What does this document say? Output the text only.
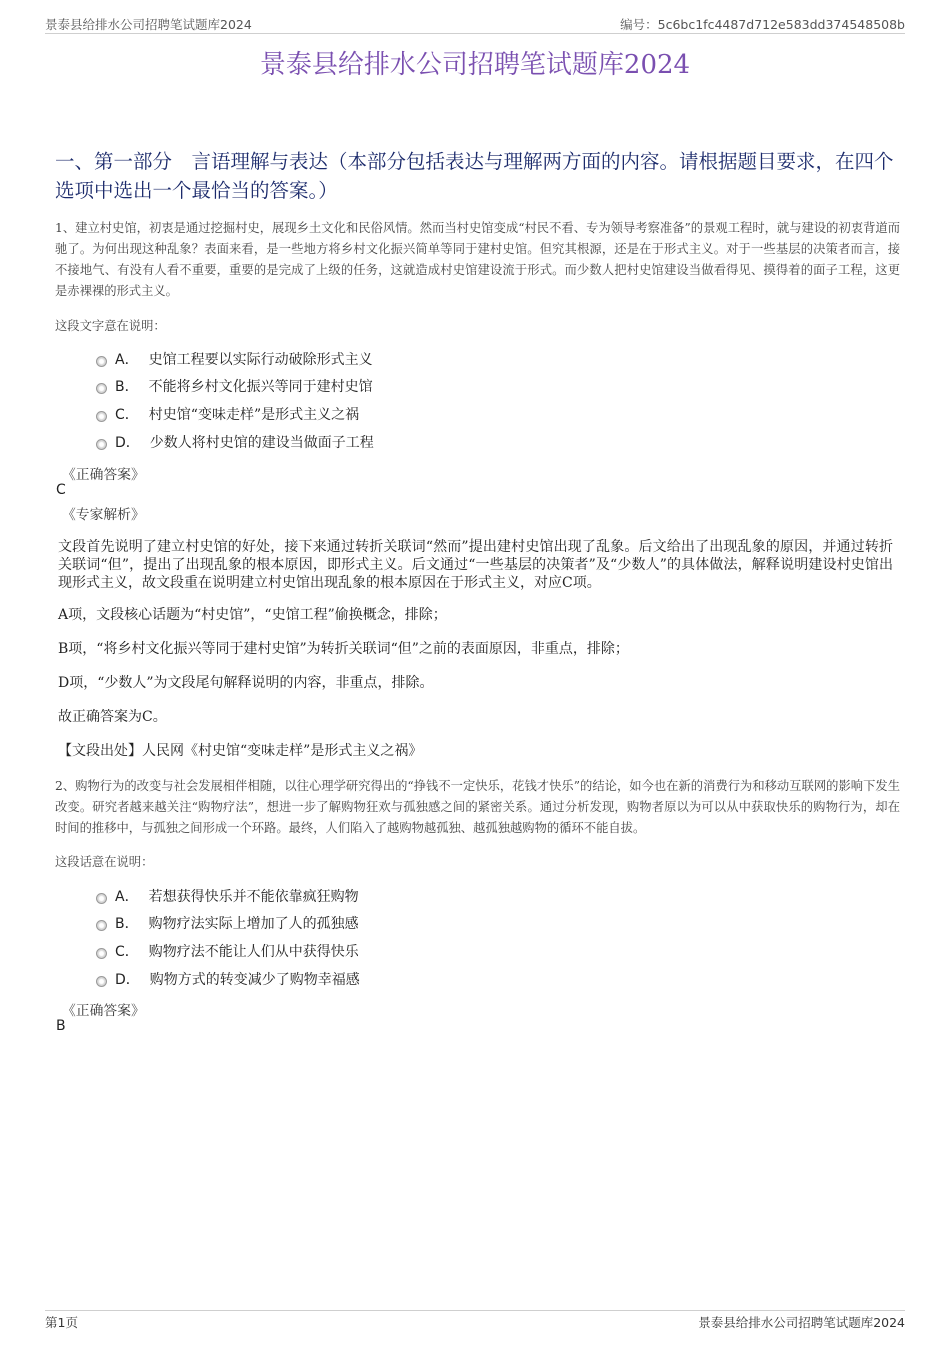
景泰县给排水公司招聘笔试题库2024	编号：5c6bc1fc4487d712e583dd374548508b
景泰县给排水公司招聘笔试题库2024
一、第一部分　言语理解与表达（本部分包括表达与理解两方面的内容。请根据题目要求，在四个选项中选出一个最恰当的答案。）
1、建立村史馆，初衷是通过挖掘村史，展现乡土文化和民俗风情。然而当村史馆变成“村民不看、专为领导考察准备”的景观工程时，就与建设的初衷背道而驰了。为何出现这种乱象？表面来看，是一些地方将乡村文化振兴简单等同于建村史馆。但究其根源，还是在于形式主义。对于一些基层的决策者而言，接不接地气、有没有人看不重要，重要的是完成了上级的任务，这就造成村史馆建设流于形式。而少数人把村史馆建设当做看得见、摸得着的面子工程，这更是赤裸裸的形式主义。
这段文字意在说明：
A． 史馆工程要以实际行动破除形式主义
B． 不能将乡村文化振兴等同于建村史馆
C． 村史馆“变味走样”是形式主义之祸
D． 少数人将村史馆的建设当做面子工程
《正确答案》
C
《专家解析》
文段首先说明了建立村史馆的好处，接下来通过转折关联词“然而”提出建村史馆出现了乱象。后文给出了出现乱象的原因，并通过转折关联词“但”，提出了出现乱象的根本原因，即形式主义。后文通过“一些基层的决策者”及“少数人”的具体做法，解释说明建设村史馆出现形式主义，故文段重在说明建立村史馆出现乱象的根本原因在于形式主义，对应C项。
A项，文段核心话题为“村史馆”，“史馆工程”偷换概念，排除；
B项，“将乡村文化振兴等同于建村史馆”为转折关联词“但”之前的表面原因，非重点，排除；
D项，“少数人”为文段尾句解释说明的内容，非重点，排除。
故正确答案为C。
【文段出处】人民网《村史馆“变味走样”是形式主义之祸》
2、购物行为的改变与社会发展相伴相随，以往心理学研究得出的“挣钱不一定快乐，花钱才快乐”的结论，如今也在新的消费行为和移动互联网的影响下发生改变。研究者越来越关注“购物疗法”，想进一步了解购物狂欢与孤独感之间的紧密关系。通过分析发现，购物者原以为可以从中获取快乐的购物行为，却在时间的推移中，与孤独之间形成一个环路。最终，人们陷入了越购物越孤独、越孤独越购物的循环不能自拔。
这段话意在说明：
A． 若想获得快乐并不能依靠疯狂购物
B． 购物疗法实际上增加了人的孤独感
C． 购物疗法不能让人们从中获得快乐
D． 购物方式的转变减少了购物幸福感
《正确答案》
B
第1页	景泰县给排水公司招聘笔试题库2024
